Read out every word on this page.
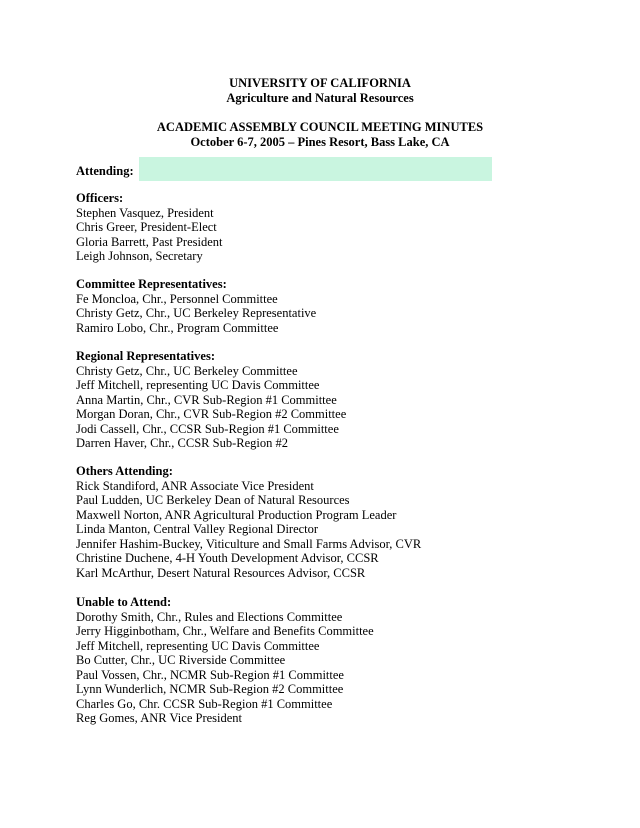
UNIVERSITY OF CALIFORNIA
Agriculture and Natural Resources
ACADEMIC ASSEMBLY COUNCIL MEETING MINUTES
October 6-7, 2005 – Pines Resort, Bass Lake, CA
Attending:
Officers:
Stephen Vasquez, President
Chris Greer, President-Elect
Gloria Barrett, Past President
Leigh Johnson, Secretary
Committee Representatives:
Fe Moncloa, Chr., Personnel Committee
Christy Getz, Chr., UC Berkeley Representative
Ramiro Lobo, Chr., Program Committee
Regional Representatives:
Christy Getz, Chr., UC Berkeley Committee
Jeff Mitchell, representing UC Davis Committee
Anna Martin, Chr., CVR Sub-Region #1 Committee
Morgan Doran, Chr., CVR Sub-Region #2 Committee
Jodi Cassell, Chr., CCSR Sub-Region #1 Committee
Darren Haver, Chr., CCSR Sub-Region #2
Others Attending:
Rick Standiford, ANR Associate Vice President
Paul Ludden, UC Berkeley Dean of Natural Resources
Maxwell Norton, ANR Agricultural Production Program Leader
Linda Manton, Central Valley Regional Director
Jennifer Hashim-Buckey, Viticulture and Small Farms Advisor, CVR
Christine Duchene, 4-H Youth Development Advisor, CCSR
Karl McArthur, Desert Natural Resources Advisor, CCSR
Unable to Attend:
Dorothy Smith, Chr., Rules and Elections Committee
Jerry Higginbotham, Chr., Welfare and Benefits Committee
Jeff Mitchell, representing UC Davis Committee
Bo Cutter, Chr., UC Riverside Committee
Paul Vossen, Chr., NCMR Sub-Region #1 Committee
Lynn Wunderlich, NCMR Sub-Region #2 Committee
Charles Go, Chr. CCSR Sub-Region #1 Committee
Reg Gomes, ANR Vice President
